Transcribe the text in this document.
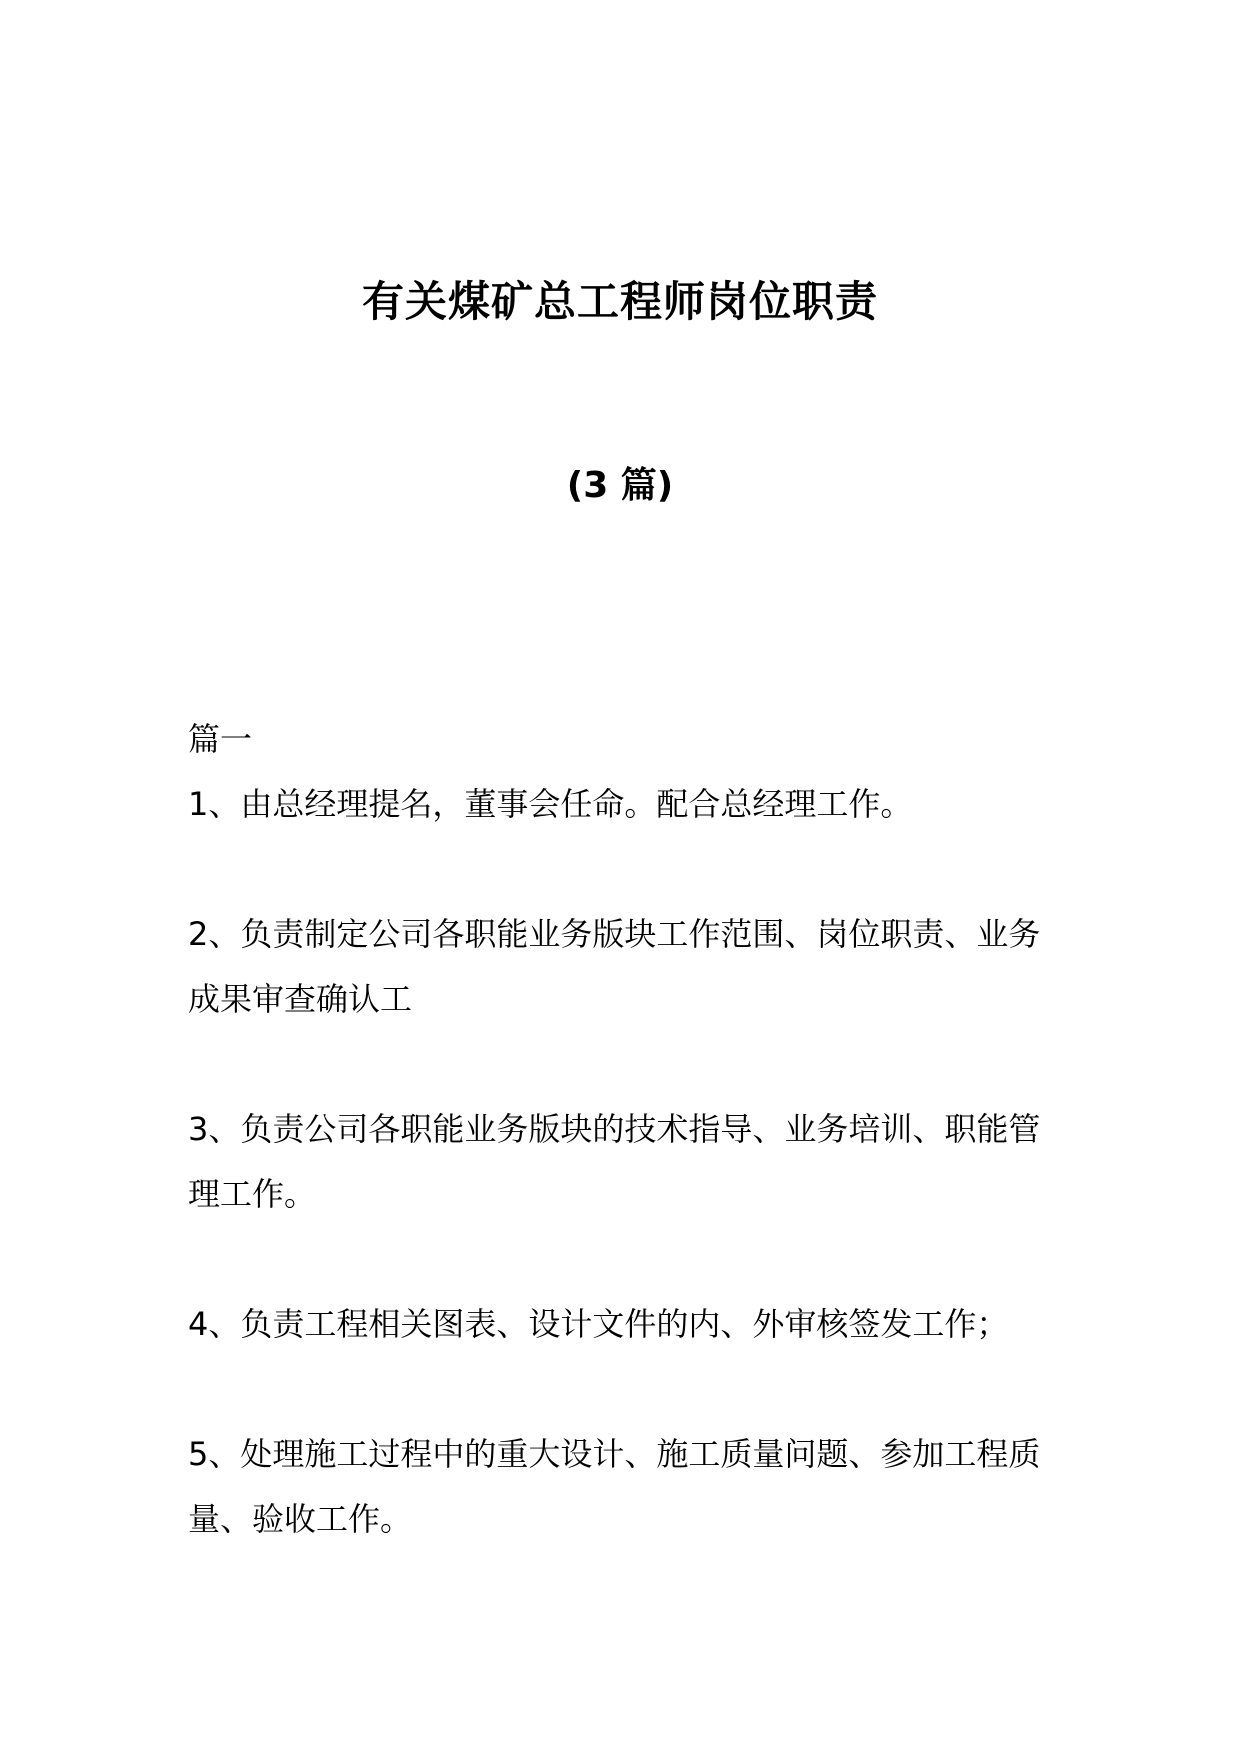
有关煤矿总工程师岗位职责
(3 篇)

篇一

1、由总经理提名，董事会任命。配合总经理工作。

2、负责制定公司各职能业务版块工作范围、岗位职责、业务成果审查确认工

3、负责公司各职能业务版块的技术指导、业务培训、职能管理工作。

4、负责工程相关图表、设计文件的内、外审核签发工作；

5、处理施工过程中的重大设计、施工质量问题、参加工程质量、验收工作。
